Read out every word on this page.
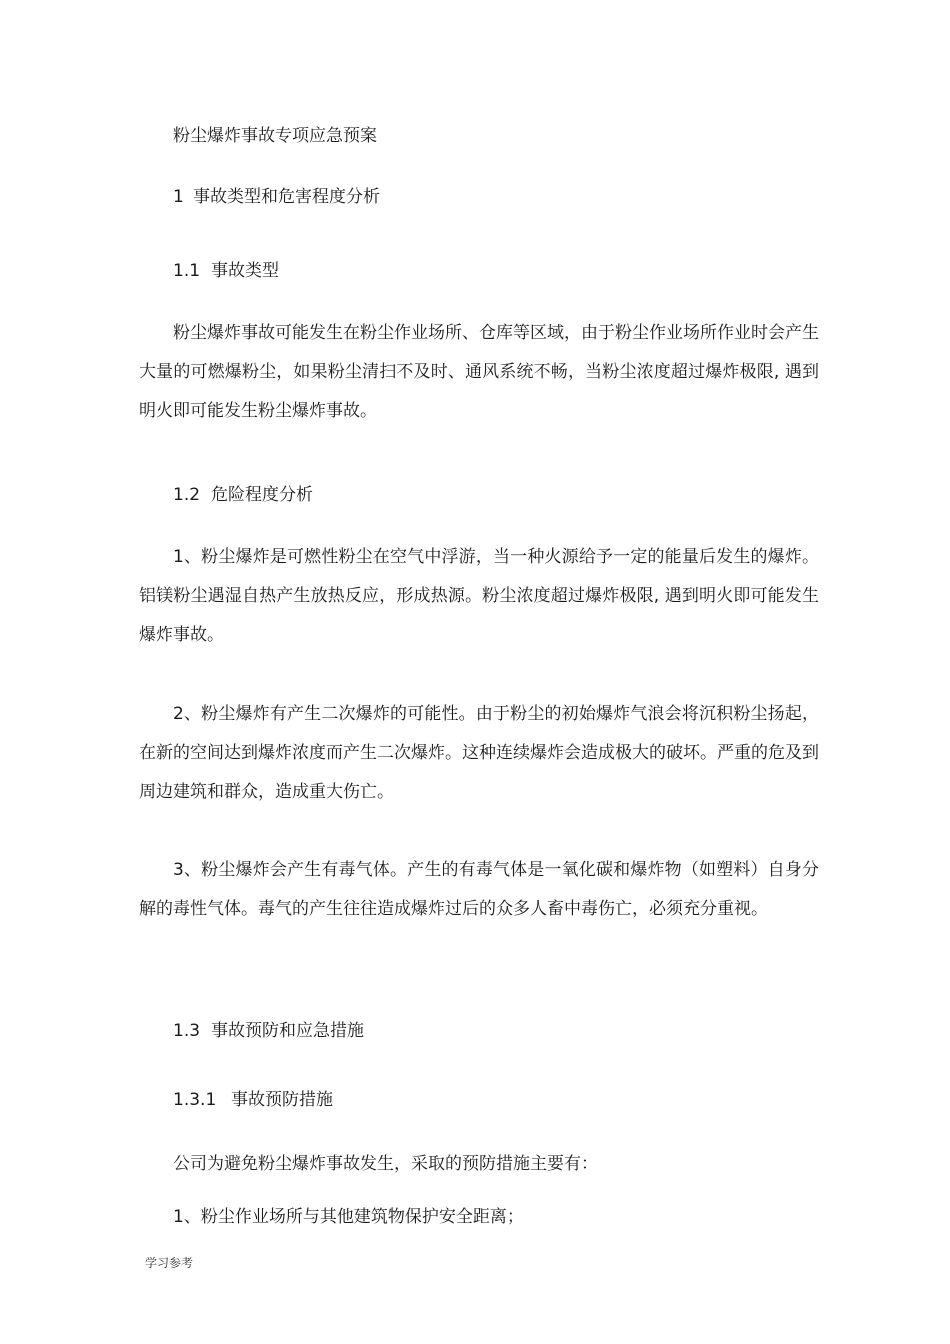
粉尘爆炸事故专项应急预案
1 事故类型和危害程度分析
1.1 事故类型
粉尘爆炸事故可能发生在粉尘作业场所、仓库等区域，由于粉尘作业场所作业时会产生大量的可燃爆粉尘，如果粉尘清扫不及时、通风系统不畅，当粉尘浓度超过爆炸极限, 遇到明火即可能发生粉尘爆炸事故。
1.2 危险程度分析
1、粉尘爆炸是可燃性粉尘在空气中浮游，当一种火源给予一定的能量后发生的爆炸。铝镁粉尘遇湿自热产生放热反应，形成热源。粉尘浓度超过爆炸极限, 遇到明火即可能发生爆炸事故。
2、粉尘爆炸有产生二次爆炸的可能性。由于粉尘的初始爆炸气浪会将沉积粉尘扬起，在新的空间达到爆炸浓度而产生二次爆炸。这种连续爆炸会造成极大的破坏。严重的危及到周边建筑和群众，造成重大伤亡。
3、粉尘爆炸会产生有毒气体。产生的有毒气体是一氧化碳和爆炸物（如塑料）自身分解的毒性气体。毒气的产生往往造成爆炸过后的众多人畜中毒伤亡，必须充分重视。
1.3 事故预防和应急措施
1.3.1 事故预防措施
公司为避免粉尘爆炸事故发生，采取的预防措施主要有：
1、粉尘作业场所与其他建筑物保护安全距离；
学习参考
